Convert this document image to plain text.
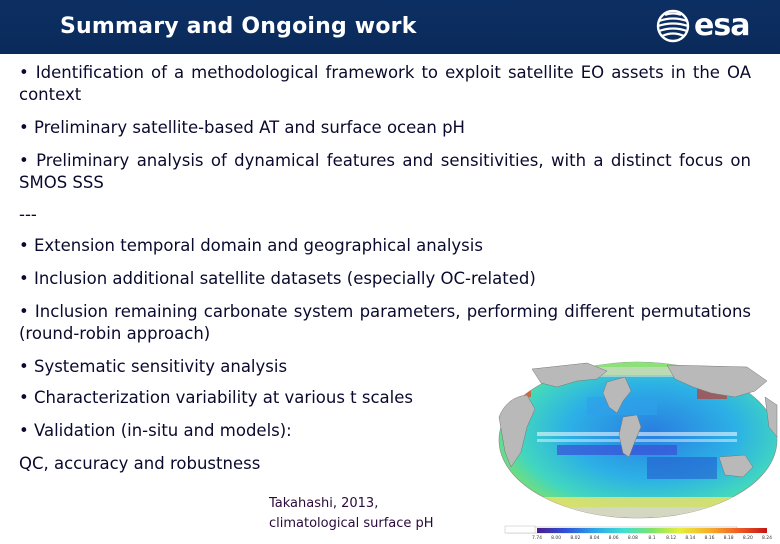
Summary and Ongoing work	esa
• Identification of a methodological framework to exploit satellite EO assets in the OA context
• Preliminary satellite-based AT and surface ocean pH
• Preliminary analysis of dynamical features and sensitivities, with a distinct focus on SMOS SSS
---
• Extension temporal domain and geographical analysis
• Inclusion additional satellite datasets (especially OC-related)
• Inclusion remaining carbonate system parameters, performing different permutations (round-robin approach)
• Systematic sensitivity analysis
• Characterization variability at various t scales
• Validation (in-situ and models):
QC, accuracy and robustness
7.74 8.00 8.02 8.04 8.06 8.08 8.1 8.12 8.14 8.16 8.18 8.20 8.24
Takahashi, 2013,
climatological surface pH
